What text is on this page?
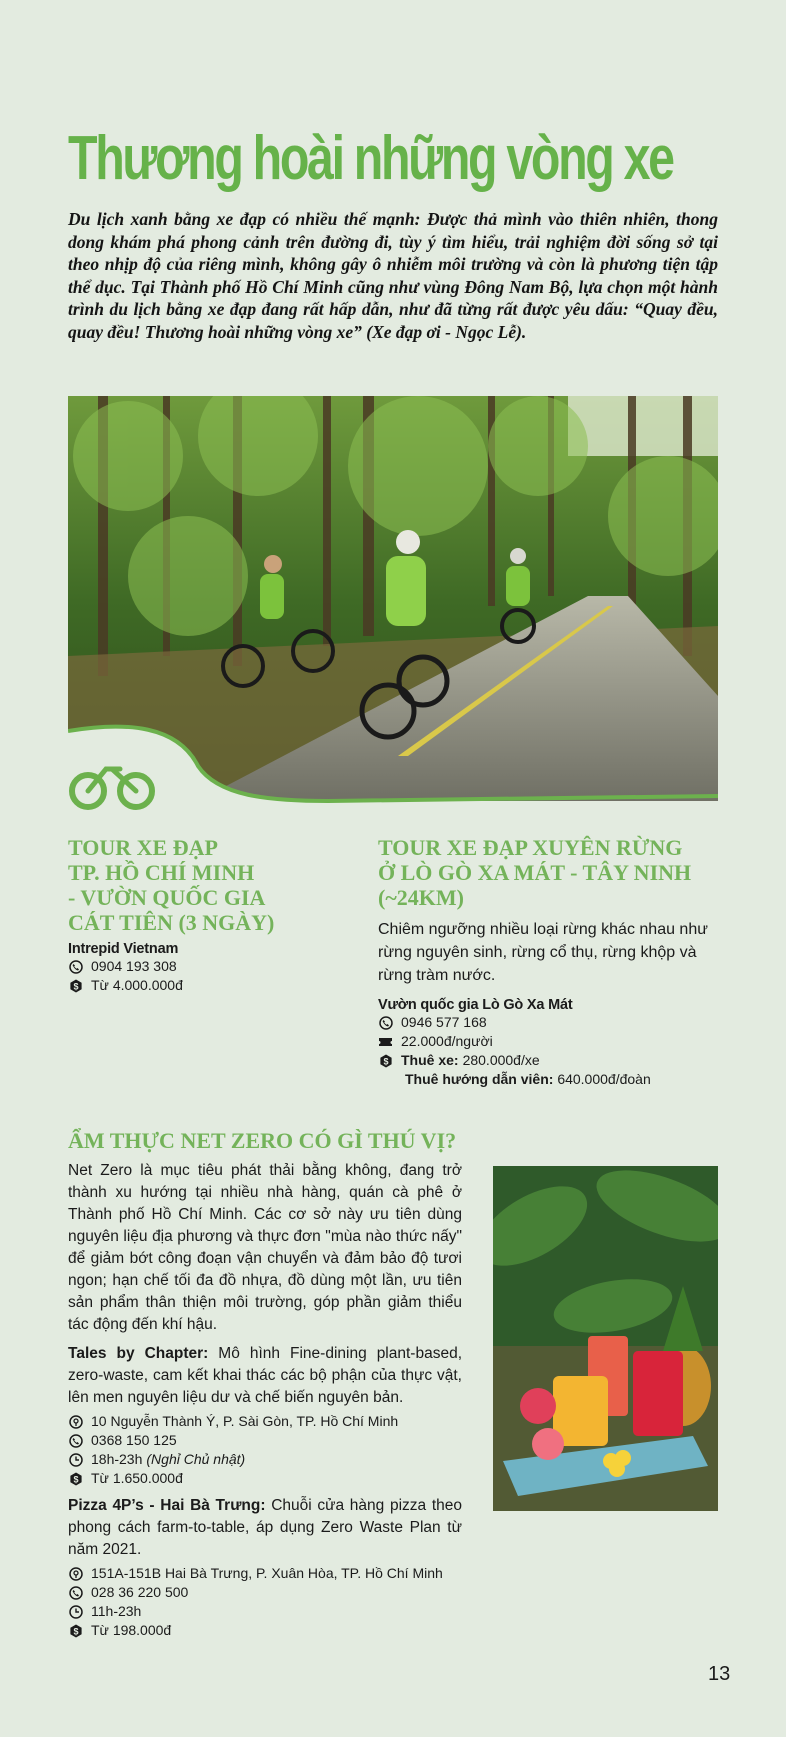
Thương hoài những vòng xe
Du lịch xanh bằng xe đạp có nhiều thế mạnh: Được thả mình vào thiên nhiên, thong dong khám phá phong cảnh trên đường đi, tùy ý tìm hiểu, trải nghiệm đời sống sở tại theo nhịp độ của riêng mình, không gây ô nhiễm môi trường và còn là phương tiện tập thể dục. Tại Thành phố Hồ Chí Minh cũng như vùng Đông Nam Bộ, lựa chọn một hành trình du lịch bằng xe đạp đang rất hấp dẫn, như đã từng rất được yêu dấu: “Quay đều, quay đều! Thương hoài những vòng xe” (Xe đạp ơi - Ngọc Lễ).
TOUR XE ĐẠP
TP. HỒ CHÍ MINH
- VƯỜN QUỐC GIA
CÁT TIÊN (3 NGÀY)
Intrepid Vietnam
0904 193 308
$ Từ 4.000.000đ
TOUR XE ĐẠP XUYÊN RỪNG
Ở LÒ GÒ XA MÁT - TÂY NINH
(~24KM)
Chiêm ngưỡng nhiều loại rừng khác nhau như rừng nguyên sinh, rừng cổ thụ, rừng khộp và rừng tràm nước.
Vườn quốc gia Lò Gò Xa Mát
0946 577 168
22.000đ/người
$ Thuê xe: 280.000đ/xe
Thuê hướng dẫn viên: 640.000đ/đoàn
ẨM THỰC NET ZERO CÓ GÌ THÚ VỊ?

Net Zero là mục tiêu phát thải bằng không, đang trở thành xu hướng tại nhiều nhà hàng, quán cà phê ở Thành phố Hồ Chí Minh. Các cơ sở này ưu tiên dùng nguyên liệu địa phương và thực đơn "mùa nào thức nấy" để giảm bớt công đoạn vận chuyển và đảm bảo độ tươi ngon; hạn chế tối đa đồ nhựa, đồ dùng một lần, ưu tiên sản phẩm thân thiện môi trường, góp phần giảm thiểu tác động đến khí hậu.

Tales by Chapter: Mô hình Fine-dining plant-based, zero-waste, cam kết khai thác các bộ phận của thực vật, lên men nguyên liệu dư và chế biến nguyên bản.

10 Nguyễn Thành Ý, P. Sài Gòn, TP. Hồ Chí Minh
0368 150 125
18h-23h (Nghỉ Chủ nhật)
$ Từ 1.650.000đ

Pizza 4P’s - Hai Bà Trưng: Chuỗi cửa hàng pizza theo phong cách farm-to-table, áp dụng Zero Waste Plan từ năm 2021.

151A-151B Hai Bà Trưng, P. Xuân Hòa, TP. Hồ Chí Minh
028 36 220 500
11h-23h
$ Từ 198.000đ
13
